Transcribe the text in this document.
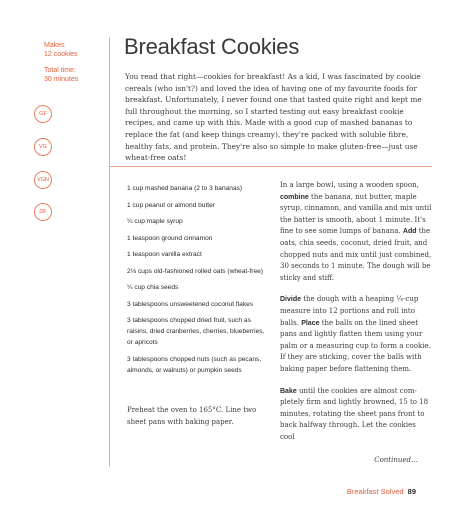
Makes
12 cookies
Total time:
30 minutes
GF
VG
VGN
DF
Breakfast Cookies

You read that right—cookies for breakfast! As a kid, I was fascinated by cookie cereals (who isn't?) and loved the idea of having one of my favourite foods for breakfast. Unfortunately, I never found one that tasted quite right and kept me full throughout the morning, so I started testing out easy breakfast cookie recipes, and came up with this. Made with a good cup of mashed bananas to replace the fat (and keep things creamy), they're packed with soluble fibre, healthy fats, and protein. They're also so simple to make gluten-free—just use wheat-free oats!

1 cup mashed banana (2 to 3 bananas)

1 cup peanut or almond butter

¼ cup maple syrup

1 teaspoon ground cinnamon

1 teaspoon vanilla extract

2⅓ cups old-fashioned rolled oats (wheat-free)

¼ cup chia seeds

3 tablespoons unsweetened coconut flakes

3 tablespoons chopped dried fruit, such as raisins, dried cranberries, cherries, blueberries, or apricots

3 tablespoons chopped nuts (such as pecans, almonds, or walnuts) or pumpkin seeds

Preheat the oven to 165°C. Line two sheet pans with baking paper.

In a large bowl, using a wooden spoon, combine the banana, nut butter, maple syrup, cinnamon, and vanilla and mix until the batter is smooth, about 1 minute. It's fine to see some lumps of banana. Add the oats, chia seeds, coconut, dried fruit, and chopped nuts and mix until just combined, 30 seconds to 1 minute. The dough will be sticky and stiff.

Divide the dough with a heaping ¼-cup measure into 12 portions and roll into balls. Place the balls on the lined sheet pans and lightly flatten them using your palm or a measuring cup to form a cookie. If they are sticking, cover the balls with baking paper before flattening them.

Bake until the cookies are almost completely firm and lightly browned, 15 to 18 minutes, rotating the sheet pans front to back halfway through. Let the cookies cool

Continued…
Breakfast Solved 89
